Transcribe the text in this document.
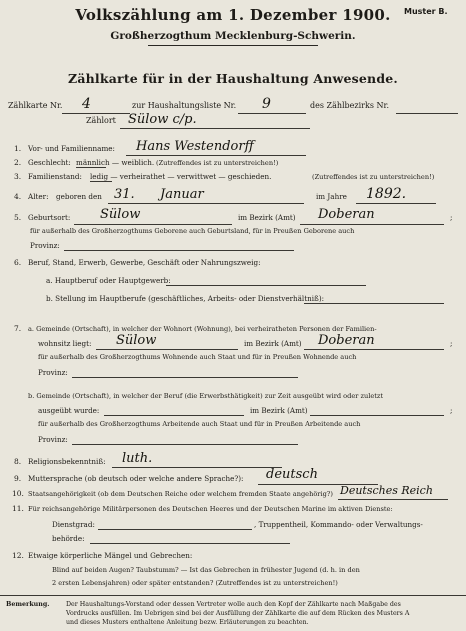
Muster B.
Volkszählung am 1. Dezember 1900.
Großherzogthum Mecklenburg-Schwerin.
Zählkarte für in der Haushaltung Anwesende.
Zählkarte Nr. 4	zur Haushaltungsliste Nr. 9	des Zählbezirks Nr.
Zählort Sülow c/p.
1. Vor- und Familienname: Hans Westendorff
2. Geschlecht: männlich — weiblich. (Zutreffendes ist zu unterstreichen!)
3. Familienstand: ledig — verheirathet — verwittwet — geschieden.	(Zutreffendes ist zu unterstreichen!)
4. Alter: geboren den 31. Januar	im Jahre 1892.
5. Geburtsort: Sülow	im Bezirk (Amt) Doberan	;
für außerhalb des Großherzogthums Geborene auch Geburtsland, für in Preußen Geborene auch
Provinz:
6. Beruf, Stand, Erwerb, Gewerbe, Geschäft oder Nahrungszweig:
a. Hauptberuf oder Hauptgewerb:
b. Stellung im Hauptberufe (geschäftliches, Arbeits- oder Dienstverhältniß):
7. a. Gemeinde (Ortschaft), in welcher der Wohnort (Wohnung), bei verheiratheten Personen der Familien-
wohnsitz liegt: Sülow	im Bezirk (Amt) Doberan	;
für außerhalb des Großherzogthums Wohnende auch Staat und für in Preußen Wohnende auch
Provinz:
b. Gemeinde (Ortschaft), in welcher der Beruf (die Erwerbsthätigkeit) zur Zeit ausgeübt wird oder zuletzt
ausgeübt wurde:	im Bezirk (Amt)	;
für außerhalb des Großherzogthums Arbeitende auch Staat und für in Preußen Arbeitende auch
Provinz:
8. Religionsbekenntniß: luth.
9. Muttersprache (ob deutsch oder welche andere Sprache?): deutsch
10. Staatsangehörigkeit (ob dem Deutschen Reiche oder welchem fremden Staate angehörig?) Deutsches Reich
11. Für reichsangehörige Militärpersonen des Deutschen Heeres und der Deutschen Marine im aktiven Dienste:
Dienstgrad:	, Truppentheil, Kommando- oder Verwaltungs-
behörde:
12. Etwaige körperliche Mängel und Gebrechen:
Blind auf beiden Augen? Taubstumm? — Ist das Gebrechen in frühester Jugend (d. h. in den
2 ersten Lebensjahren) oder später entstanden? (Zutreffendes ist zu unterstreichen!)
Bemerkung.	Der Haushaltungs-Vorstand oder dessen Vertreter wolle auch den Kopf der Zählkarte nach Maßgabe des
Vordrucks ausfüllen. Im Uebrigen sind bei der Ausfüllung der Zählkarte die auf dem Rücken des Musters A
und dieses Musters enthaltene Anleitung bezw. Erläuterungen zu beachten.
